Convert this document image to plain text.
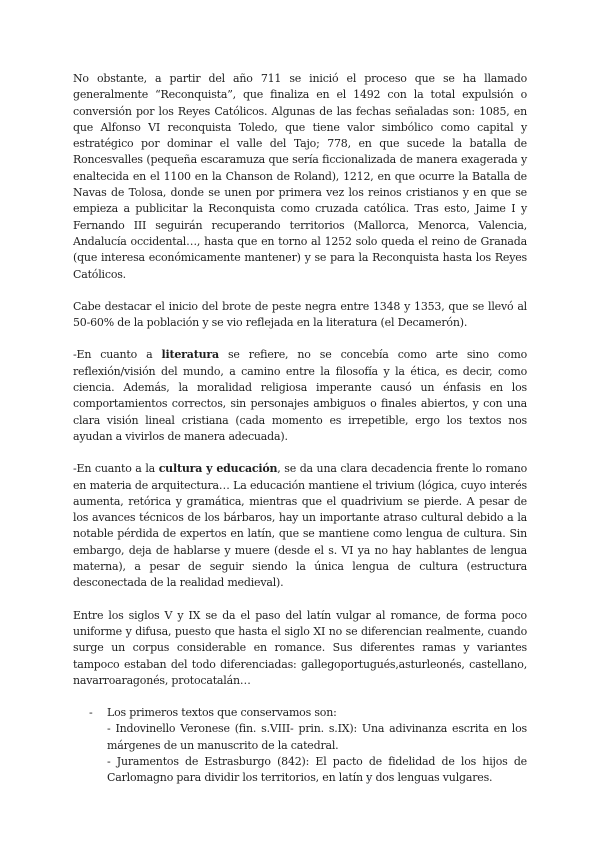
No obstante, a partir del año 711 se inició el proceso que se ha llamado generalmente “Reconquista”, que finaliza en el 1492 con la total expulsión o conversión por los Reyes Católicos. Algunas de las fechas señaladas son: 1085, en que Alfonso VI reconquista Toledo, que tiene valor simbólico como capital y estratégico por dominar el valle del Tajo; 778, en que sucede la batalla de Roncesvalles (pequeña escaramuza que sería ficcionalizada de manera exagerada y enaltecida en el 1100 en la Chanson de Roland), 1212, en que ocurre la Batalla de Navas de Tolosa, donde se unen por primera vez los reinos cristianos y en que se empieza a publicitar la Reconquista como cruzada católica. Tras esto, Jaime I y Fernando III seguirán recuperando territorios (Mallorca, Menorca, Valencia, Andalucía occidental…, hasta que en torno al 1252 solo queda el reino de Granada (que interesa económicamente mantener) y se para la Reconquista hasta los Reyes Católicos.

Cabe destacar el inicio del brote de peste negra entre 1348 y 1353, que se llevó al 50-60% de la población y se vio reflejada en la literatura (el Decamerón).

-En cuanto a literatura se refiere, no se concebía como arte sino como reflexión/visión del mundo, a camino entre la filosofía y la ética, es decir, como ciencia. Además, la moralidad religiosa imperante causó un énfasis en los comportamientos correctos, sin personajes ambiguos o finales abiertos, y con una clara visión lineal cristiana (cada momento es irrepetible, ergo los textos nos ayudan a vivirlos de manera adecuada).

-En cuanto a la cultura y educación, se da una clara decadencia frente lo romano en materia de arquitectura… La educación mantiene el trivium (lógica, cuyo interés aumenta, retórica y gramática, mientras que el quadrivium se pierde. A pesar de los avances técnicos de los bárbaros, hay un importante atraso cultural debido a la notable pérdida de expertos en latín, que se mantiene como lengua de cultura. Sin embargo, deja de hablarse y muere (desde el s. VI ya no hay hablantes de lengua materna), a pesar de seguir siendo la única lengua de cultura (estructura desconectada de la realidad medieval).

Entre los siglos V y IX se da el paso del latín vulgar al romance, de forma poco uniforme y difusa, puesto que hasta el siglo XI no se diferencian realmente, cuando surge un corpus considerable en romance. Sus diferentes ramas y variantes tampoco estaban del todo diferenciadas: gallegoportugués,asturleonés, castellano, navarroaragonés, protocatalán…

- Los primeros textos que conservamos son:
- Indovinello Veronese (fin. s.VIII- prin. s.IX): Una adivinanza escrita en los márgenes de un manuscrito de la catedral.
- Juramentos de Estrasburgo (842): El pacto de fidelidad de los hijos de Carlomagno para dividir los territorios, en latín y dos lenguas vulgares.
